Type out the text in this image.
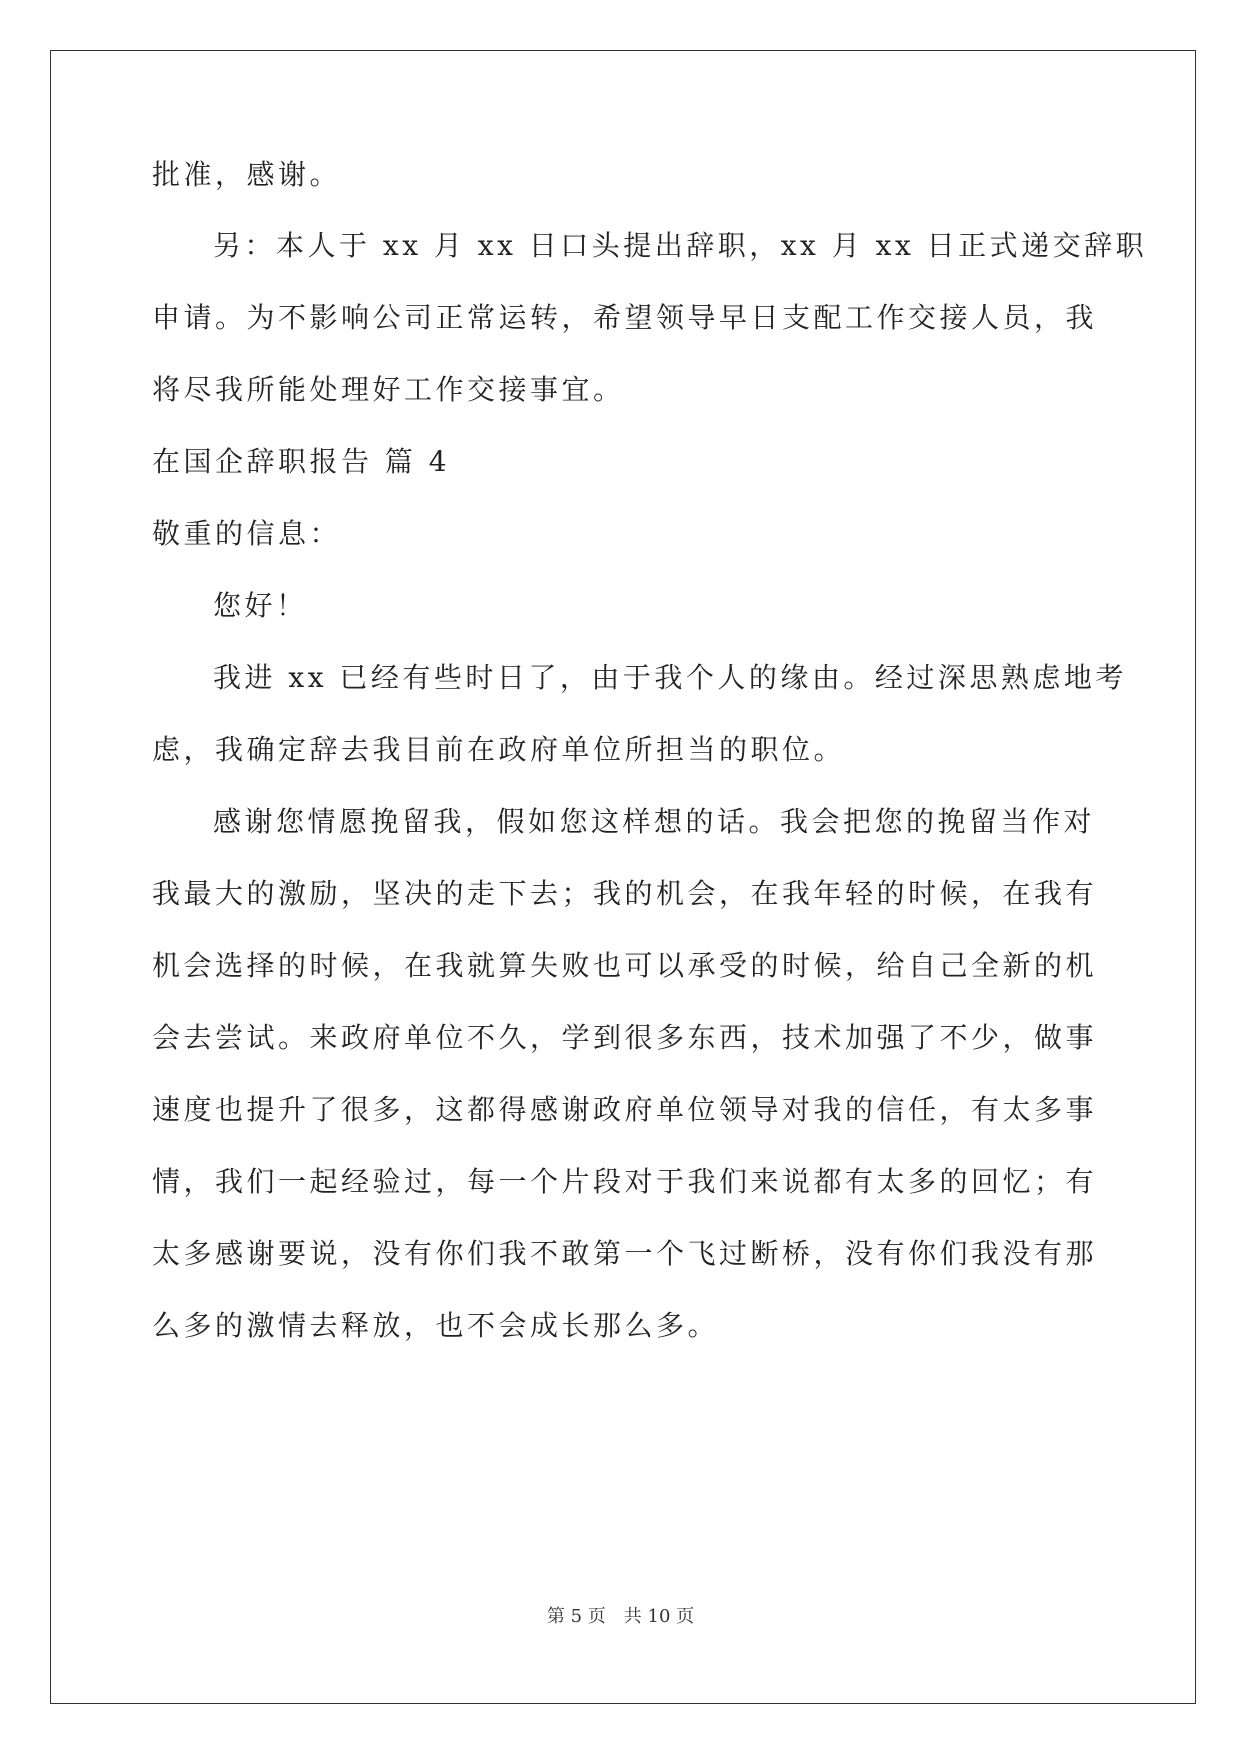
批准，感谢。
另：本人于 xx 月 xx 日口头提出辞职，xx 月 xx 日正式递交辞职
申请。为不影响公司正常运转，希望领导早日支配工作交接人员，我
将尽我所能处理好工作交接事宜。
在国企辞职报告 篇 4
敬重的信息：
您好！
我进 xx 已经有些时日了，由于我个人的缘由。经过深思熟虑地考
虑，我确定辞去我目前在政府单位所担当的职位。
感谢您情愿挽留我，假如您这样想的话。我会把您的挽留当作对
我最大的激励，坚决的走下去；我的机会，在我年轻的时候，在我有
机会选择的时候，在我就算失败也可以承受的时候，给自己全新的机
会去尝试。来政府单位不久，学到很多东西，技术加强了不少，做事
速度也提升了很多，这都得感谢政府单位领导对我的信任，有太多事
情，我们一起经验过，每一个片段对于我们来说都有太多的回忆；有
太多感谢要说，没有你们我不敢第一个飞过断桥，没有你们我没有那
么多的激情去释放，也不会成长那么多。
第 5 页　共 10 页
